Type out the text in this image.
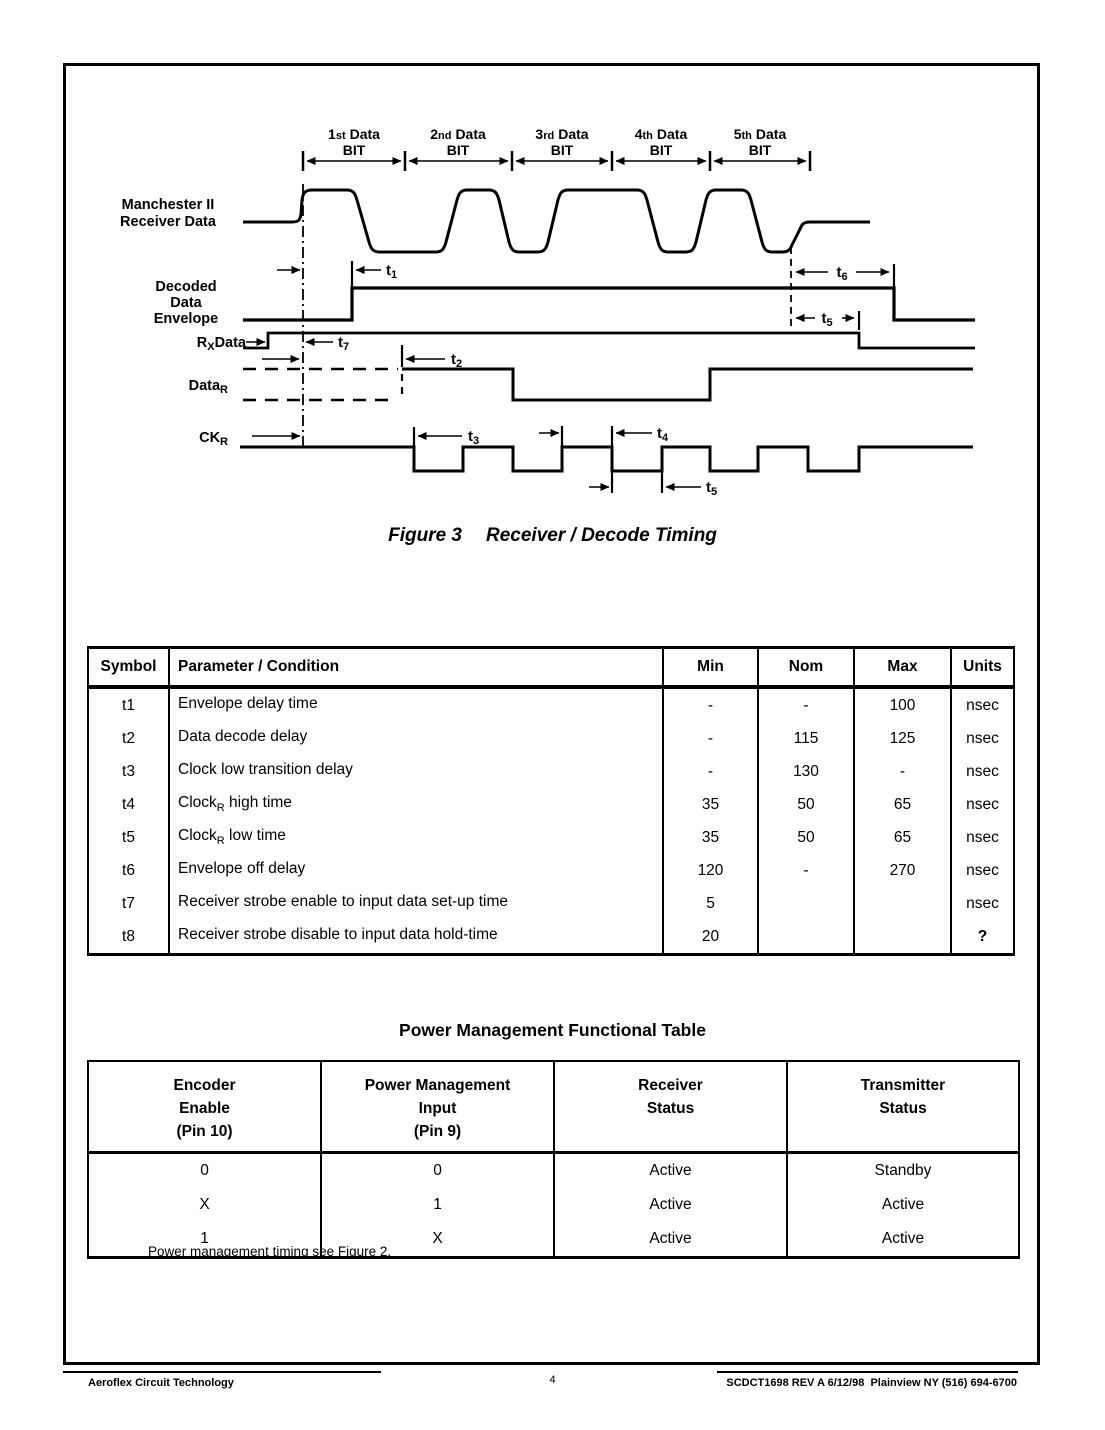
1st Data
BIT
2nd Data
BIT
3rd Data
BIT
4th Data
BIT
5th Data
BIT
Manchester II
Receiver Data
Decoded
Data
Envelope
$R_XData$
Data$_R$
$CK_R$
$t_1$	$t_6$
$t_5$
$t_7$
$t_2$
$t_3$	$t_4$
$t_5$
Figure 3 Receiver / Decode Timing
Symbol	Parameter / Condition	Min	Nom	Max	Units
t1	Envelope delay time	-	-	100	nsec
t2	Data decode delay	-	115	125	nsec
t3	Clock low transition delay	-	130	-	nsec
t4	Clock$_R$ high time	35	50	65	nsec
t5	Clock$_R$ low time	35	50	65	nsec
t6	Envelope off delay	120	-	270	nsec
t7	Receiver strobe enable to input data set-up time	5			nsec
t8	Receiver strobe disable to input data hold-time	20			?
Power Management Functional Table
Encoder
Enable
(Pin 10)

Power Management
Input
(Pin 9)

Receiver
Status

Transmitter
Status

0	0	Active	Standby
X	1	Active	Active
1	X	Active	Active
Power management timing see Figure 2.
Aeroflex Circuit Technology	4	SCDCT1698 REV A 6/12/98  Plainview NY (516) 694-6700
